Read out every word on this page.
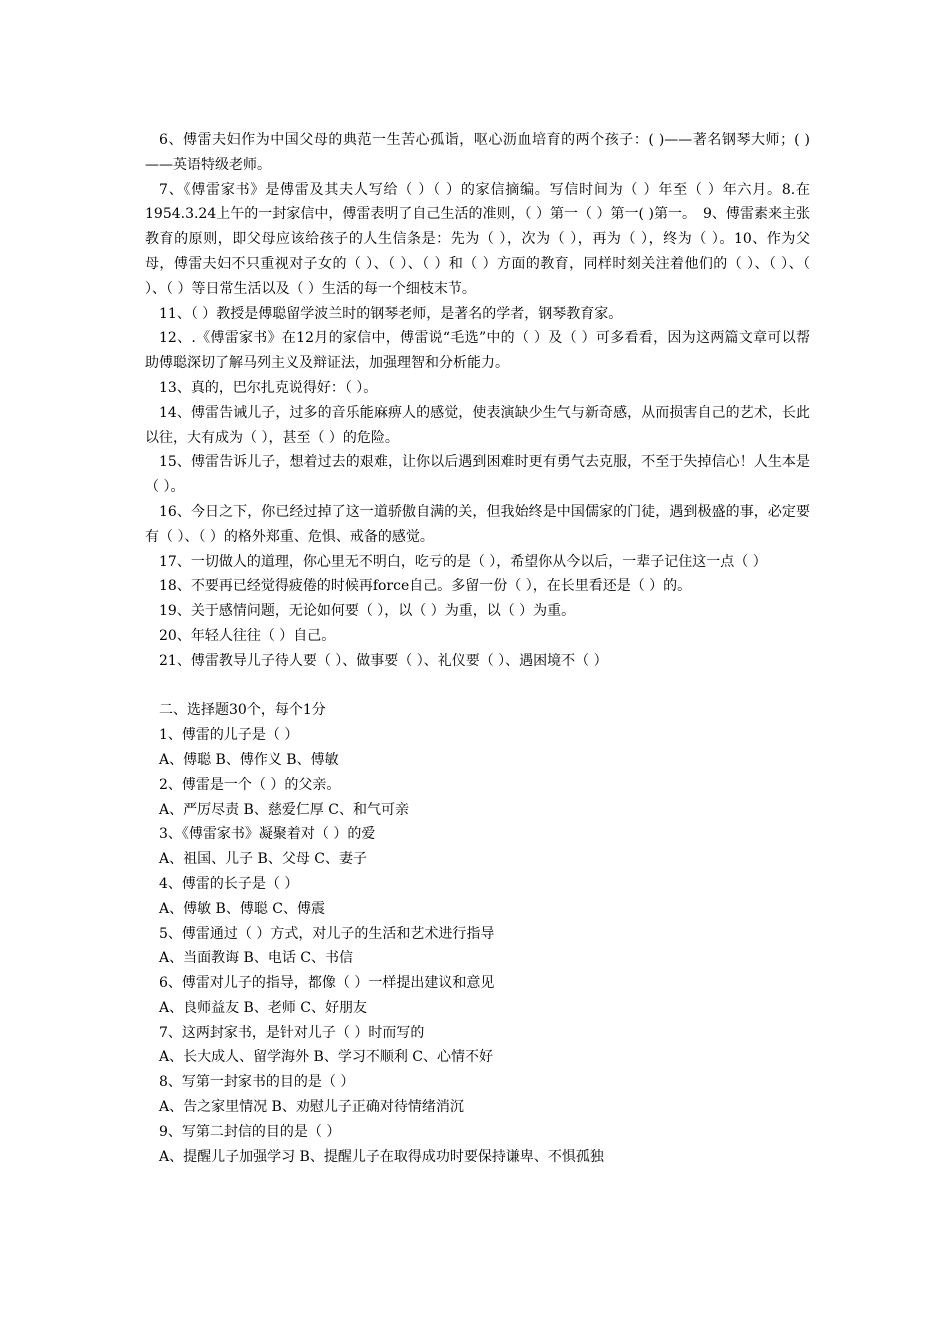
6、傅雷夫妇作为中国父母的典范一生苦心孤诣，呕心沥血培育的两个孩子：( )——著名钢琴大师；( )——英语特级老师。

7、《傅雷家书》是傅雷及其夫人写给（ ）（ ）的家信摘编。写信时间为（ ）年至（ ）年六月。8.在1954.3.24上午的一封家信中，傅雷表明了自己生活的准则，（ ）第一（ ）第一( )第一。　9、傅雷素来主张教育的原则，即父母应该给孩子的人生信条是：先为（ ），次为（ ），再为（ ），终为（ ）。10、作为父母，傅雷夫妇不只重视对子女的（ ）、（ ）、（ ）和（ ）方面的教育，同样时刻关注着他们的（ ）、（ ）、（ ）、（ ）等日常生活以及（ ）生活的每一个细枝末节。

11、（ ）教授是傅聪留学波兰时的钢琴老师，是著名的学者，钢琴教育家。

12、.《傅雷家书》在12月的家信中，傅雷说“毛选”中的（ ）及（ ）可多看看，因为这两篇文章可以帮助傅聪深切了解马列主义及辩证法，加强理智和分析能力。

13、真的，巴尔扎克说得好：（ ）。

14、傅雷告诫儿子，过多的音乐能麻痹人的感觉，使表演缺少生气与新奇感，从而损害自己的艺术，长此以往，大有成为（ ），甚至（ ）的危险。

15、傅雷告诉儿子，想着过去的艰难，让你以后遇到困难时更有勇气去克服，不至于失掉信心！人生本是（ ）。

16、今日之下，你已经过掉了这一道骄傲自满的关，但我始终是中国儒家的门徒，遇到极盛的事，必定要有（ ）、（ ）的格外郑重、危惧、戒备的感觉。

17、一切做人的道理，你心里无不明白，吃亏的是（ ），希望你从今以后，一辈子记住这一点（ ）

18、不要再已经觉得疲倦的时候再force自己。多留一份（ ），在长里看还是（ ）的。

19、关于感情问题，无论如何要（ ），以（ ）为重，以（ ）为重。

20、年轻人往往（ ）自己。

21、傅雷教导儿子待人要（ ）、做事要（ ）、礼仪要（ ）、遇困境不（ ）

二、选择题30个，每个1分

1、傅雷的儿子是（ ）

A、傅聪 B、傅作义 B、傅敏

2、傅雷是一个（ ）的父亲。

A、严厉尽责 B、慈爱仁厚 C、和气可亲

3、《傅雷家书》凝聚着对（ ）的爱

A、祖国、儿子 B、父母 C、妻子

4、傅雷的长子是（ ）

A、傅敏 B、傅聪 C、傅震

5、傅雷通过（ ）方式，对儿子的生活和艺术进行指导

A、当面教诲 B、电话 C、书信

6、傅雷对儿子的指导，都像（ ）一样提出建议和意见

A、良师益友 B、老师 C、好朋友

7、这两封家书，是针对儿子（ ）时而写的

A、长大成人、留学海外 B、学习不顺利 C、心情不好

8、写第一封家书的目的是（ ）

A、告之家里情况 B、劝慰儿子正确对待情绪消沉

9、写第二封信的目的是（ ）

A、提醒儿子加强学习 B、提醒儿子在取得成功时要保持谦卑、不惧孤独
